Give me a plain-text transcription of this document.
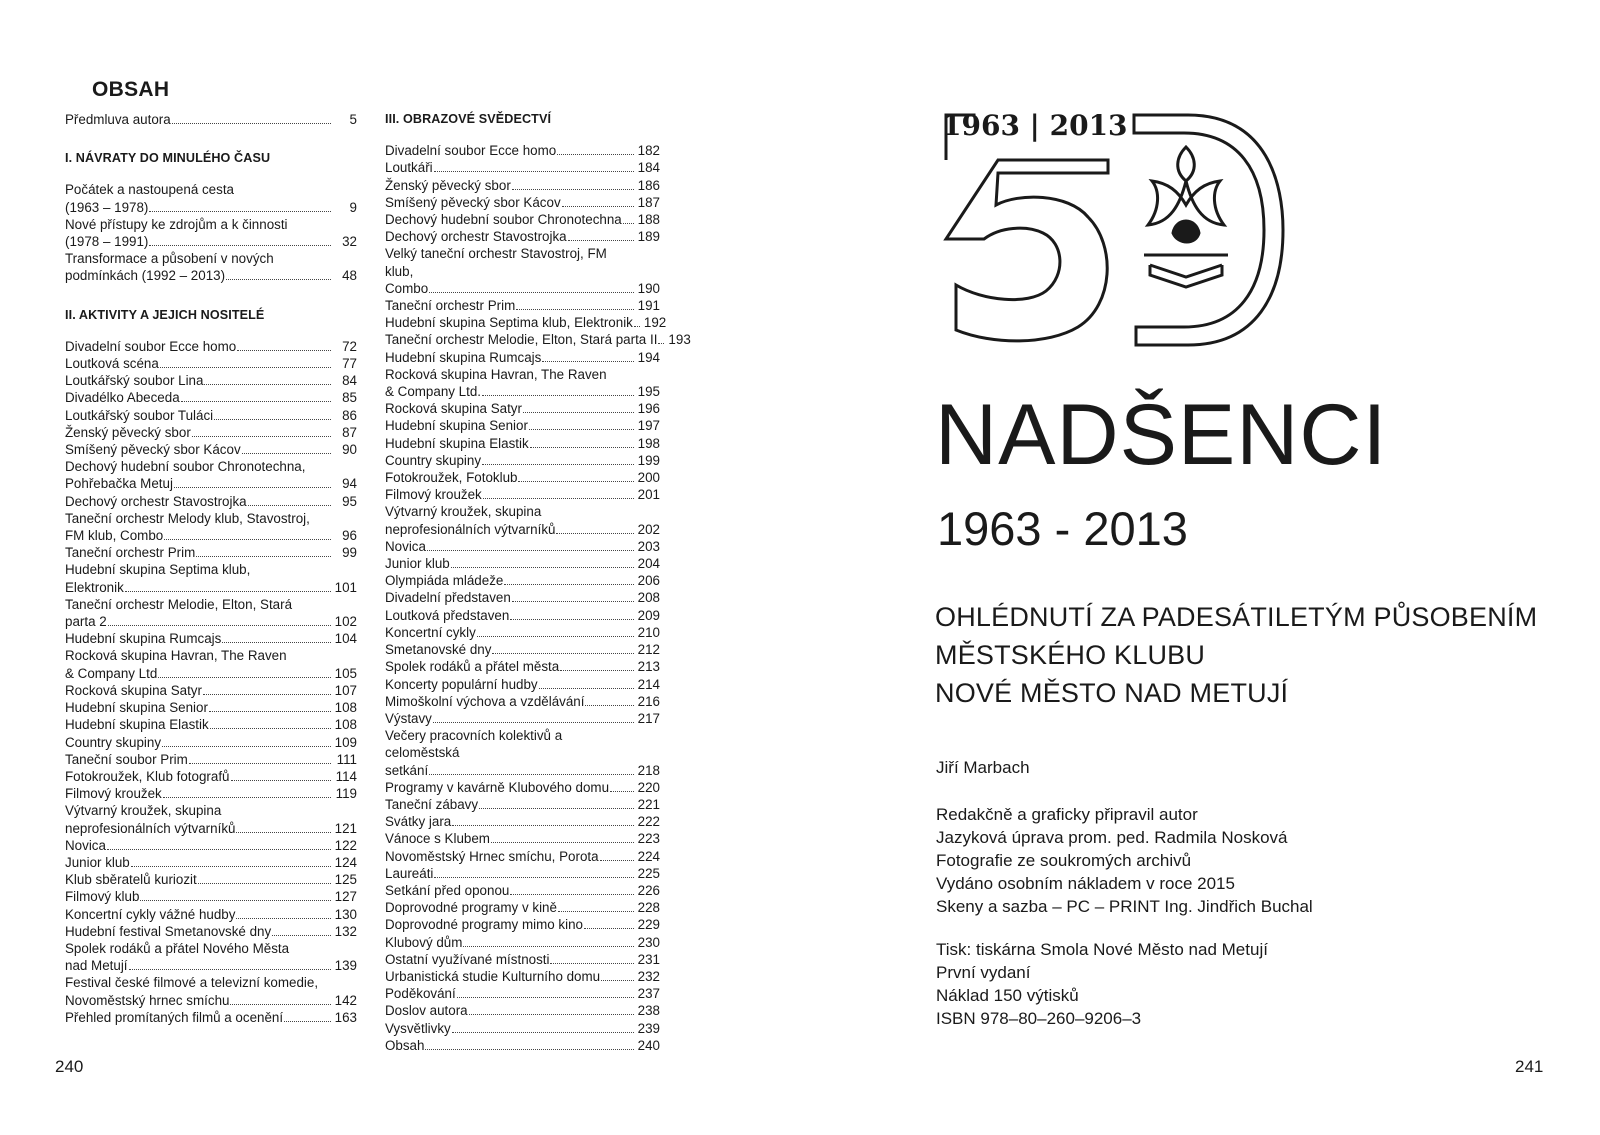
OBSAH
Předmluva autora	5
I. NÁVRATY DO MINULÉHO ČASU
Počátek a nastoupená cesta
(1963 – 1978)	9
Nové přístupy ke zdrojům a k činnosti
(1978 – 1991)	32
Transformace a působení v nových
podmínkách (1992 – 2013)	48
II. AKTIVITY A JEJICH NOSITELÉ
Divadelní soubor Ecce homo	72
Loutková scéna	77
Loutkářský soubor Lina	84
Divadélko Abeceda	85
Loutkářský soubor Tuláci	86
Ženský pěvecký sbor	87
Smíšený pěvecký sbor Kácov	90
Dechový hudební soubor Chronotechna,
Pohřebačka Metuj	94
Dechový orchestr Stavostrojka	95
Taneční orchestr Melody klub, Stavostroj,
FM klub, Combo	96
Taneční orchestr Prim	99
Hudební skupina Septima klub,
Elektronik	101
Taneční orchestr Melodie, Elton, Stará
parta 2	102
Hudební skupina Rumcajs	104
Rocková skupina Havran, The Raven
& Company Ltd	105
Rocková skupina Satyr	107
Hudební skupina Senior	108
Hudební skupina Elastik	108
Country skupiny	109
Taneční soubor Prim	111
Fotokroužek, Klub fotografů	114
Filmový kroužek	119
Výtvarný kroužek, skupina
neprofesionálních výtvarníků	121
Novica	122
Junior klub	124
Klub sběratelů kuriozit	125
Filmový klub	127
Koncertní cykly vážné hudby	130
Hudební festival Smetanovské dny	132
Spolek rodáků a přátel Nového Města
nad Metují	139
Festival české filmové a televizní komedie,
Novoměstský hrnec smíchu	142
Přehled promítaných filmů a ocenění	163
III. OBRAZOVÉ SVĚDECTVÍ
Divadelní soubor Ecce homo	182
Loutkáři	184
Ženský pěvecký sbor	186
Smíšený pěvecký sbor Kácov	187
Dechový hudební soubor Chronotechna 188
Dechový orchestr Stavostrojka	189
Velký taneční orchestr Stavostroj, FM klub,
Combo	190
Taneční orchestr Prim	191
Hudební skupina Septima klub, Elektronik 192
Taneční orchestr Melodie, Elton, Stará parta II 193
Hudební skupina Rumcajs	194
Rocková skupina Havran, The Raven
& Company Ltd.	195
Rocková skupina Satyr	196
Hudební skupina Senior	197
Hudební skupina Elastik	198
Country skupiny	199
Fotokroužek, Fotoklub	200
Filmový kroužek	201
Výtvarný kroužek, skupina
neprofesionálních výtvarníků	202
Novica	203
Junior klub	204
Olympiáda mládeže	206
Divadelní představen	208
Loutková představen	209
Koncertní cykly	210
Smetanovské dny	212
Spolek rodáků a přátel města	213
Koncerty populární hudby	214
Mimoškolní výchova a vzdělávání	216
Výstavy	217
Večery pracovních kolektivů a celoměstská
setkání	218
Programy v kavárně Klubového domu 220
Taneční zábavy	221
Svátky jara	222
Vánoce s Klubem	223
Novoměstský Hrnec smíchu, Porota	224
Laureáti	225
Setkání před oponou	226
Doprovodné programy v kině	228
Doprovodné programy mimo kino	229
Klubový dům	230
Ostatní využívané místnosti	231
Urbanistická studie Kulturního domu	232
Poděkování	237
Doslov autora	238
Vysvětlivky	239
Obsah	240
240
1963 | 2013
NADŠENCI
1963 - 2013
OHLÉDNUTÍ ZA PADESÁTILETÝM PŮSOBENÍM
MĚSTSKÉHO KLUBU
NOVÉ MĚSTO NAD METUJÍ
Jiří Marbach
Redakčně a graficky připravil autor
Jazyková úprava prom. ped. Radmila Nosková
Fotografie ze soukromých archivů
Vydáno osobním nákladem v roce 2015
Skeny a sazba – PC – PRINT Ing. Jindřich Buchal
Tisk: tiskárna Smola Nové Město nad Metují
První vydaní
Náklad 150 výtisků
ISBN 978–80–260–9206–3
241
